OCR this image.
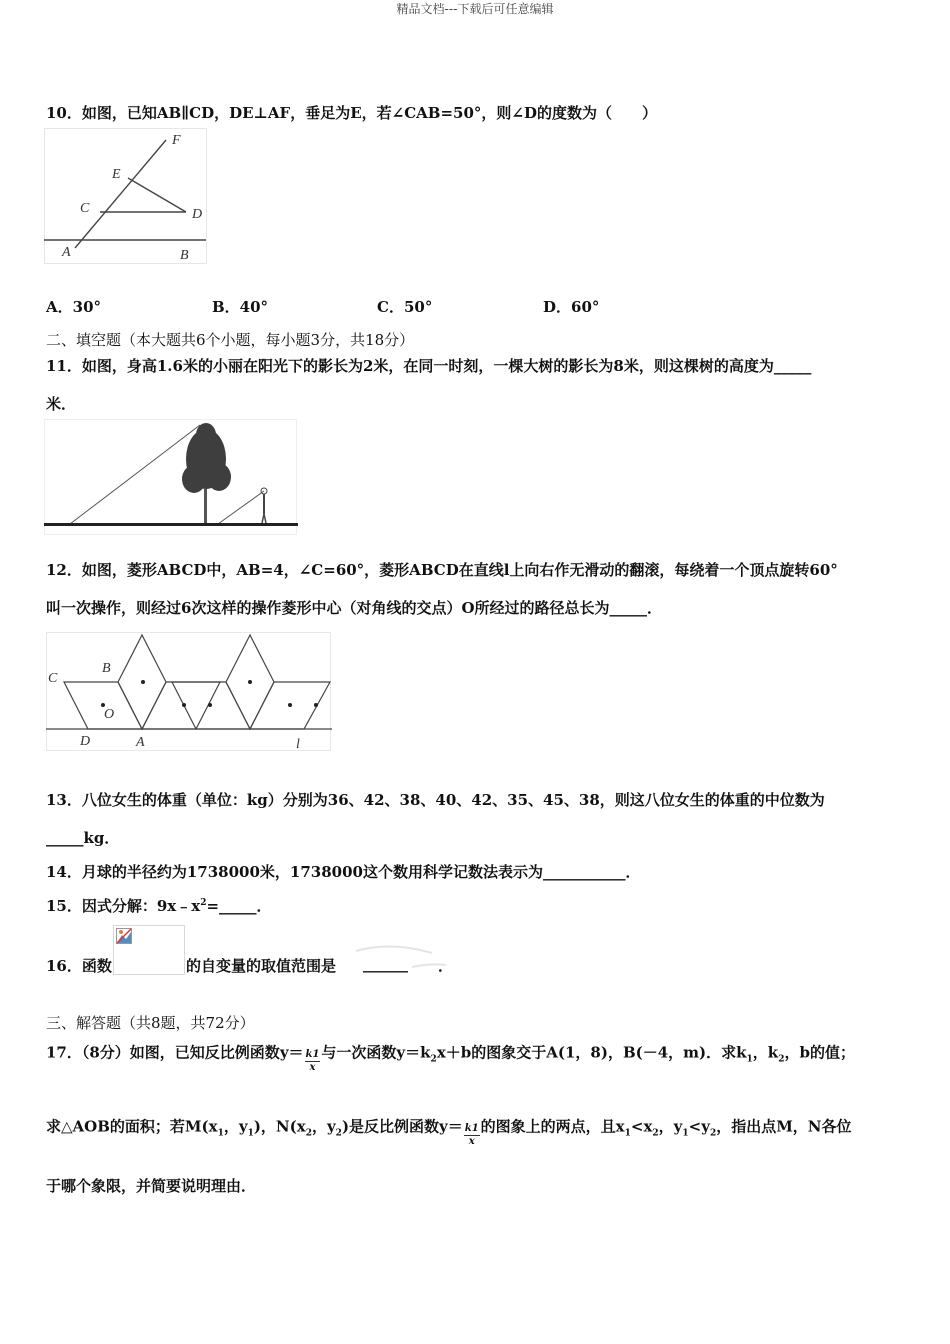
精品文档---下载后可任意编辑
10．如图，已知AB∥CD，DE⊥AF，垂足为E，若∠CAB=50°，则∠D的度数为（　　）
F
E
C	D
A	B
A．30°	B．40°	C．50°	D．60°
二、填空题（本大题共6个小题，每小题3分，共18分）
11．如图，身高1.6米的小丽在阳光下的影长为2米，在同一时刻，一棵大树的影长为8米，则这棵树的高度为_____
米．
12．如图，菱形ABCD中，AB=4，∠C=60°，菱形ABCD在直线l上向右作无滑动的翻滚，每绕着一个顶点旋转60°
叫一次操作，则经过6次这样的操作菱形中心（对角线的交点）O所经过的路径总长为_____．
C
B
O
D	A	l
13．八位女生的体重（单位：kg）分别为36、42、38、40、42、35、45、38，则这八位女生的体重的中位数为
_____kg．
14．月球的半径约为1738000米，1738000这个数用科学记数法表示为___________．
15．因式分解：$9x﹣x^2=\_\_\_\_\_$．
16．函数	的自变量的取值范围是 ______ ．
三、解答题（共8题，共72分）
17．（8分）如图，已知反比例函数$y= \frac{k1}{x}$ 与一次函数$y=k_2x+b$的图象交于A(1，8)，B(－4，m)．求$k_1$，$k_2$，b的值；
求△AOB的面积；若$M(x_1$，$y_1$)，$N(x_2$，$y_2$)是反比例函数$y= \frac{k1}{x}$ 的图象上的两点，且$x_1<x_2$，$y_1<y_2$，指出点M，N各位
于哪个象限，并简要说明理由．
